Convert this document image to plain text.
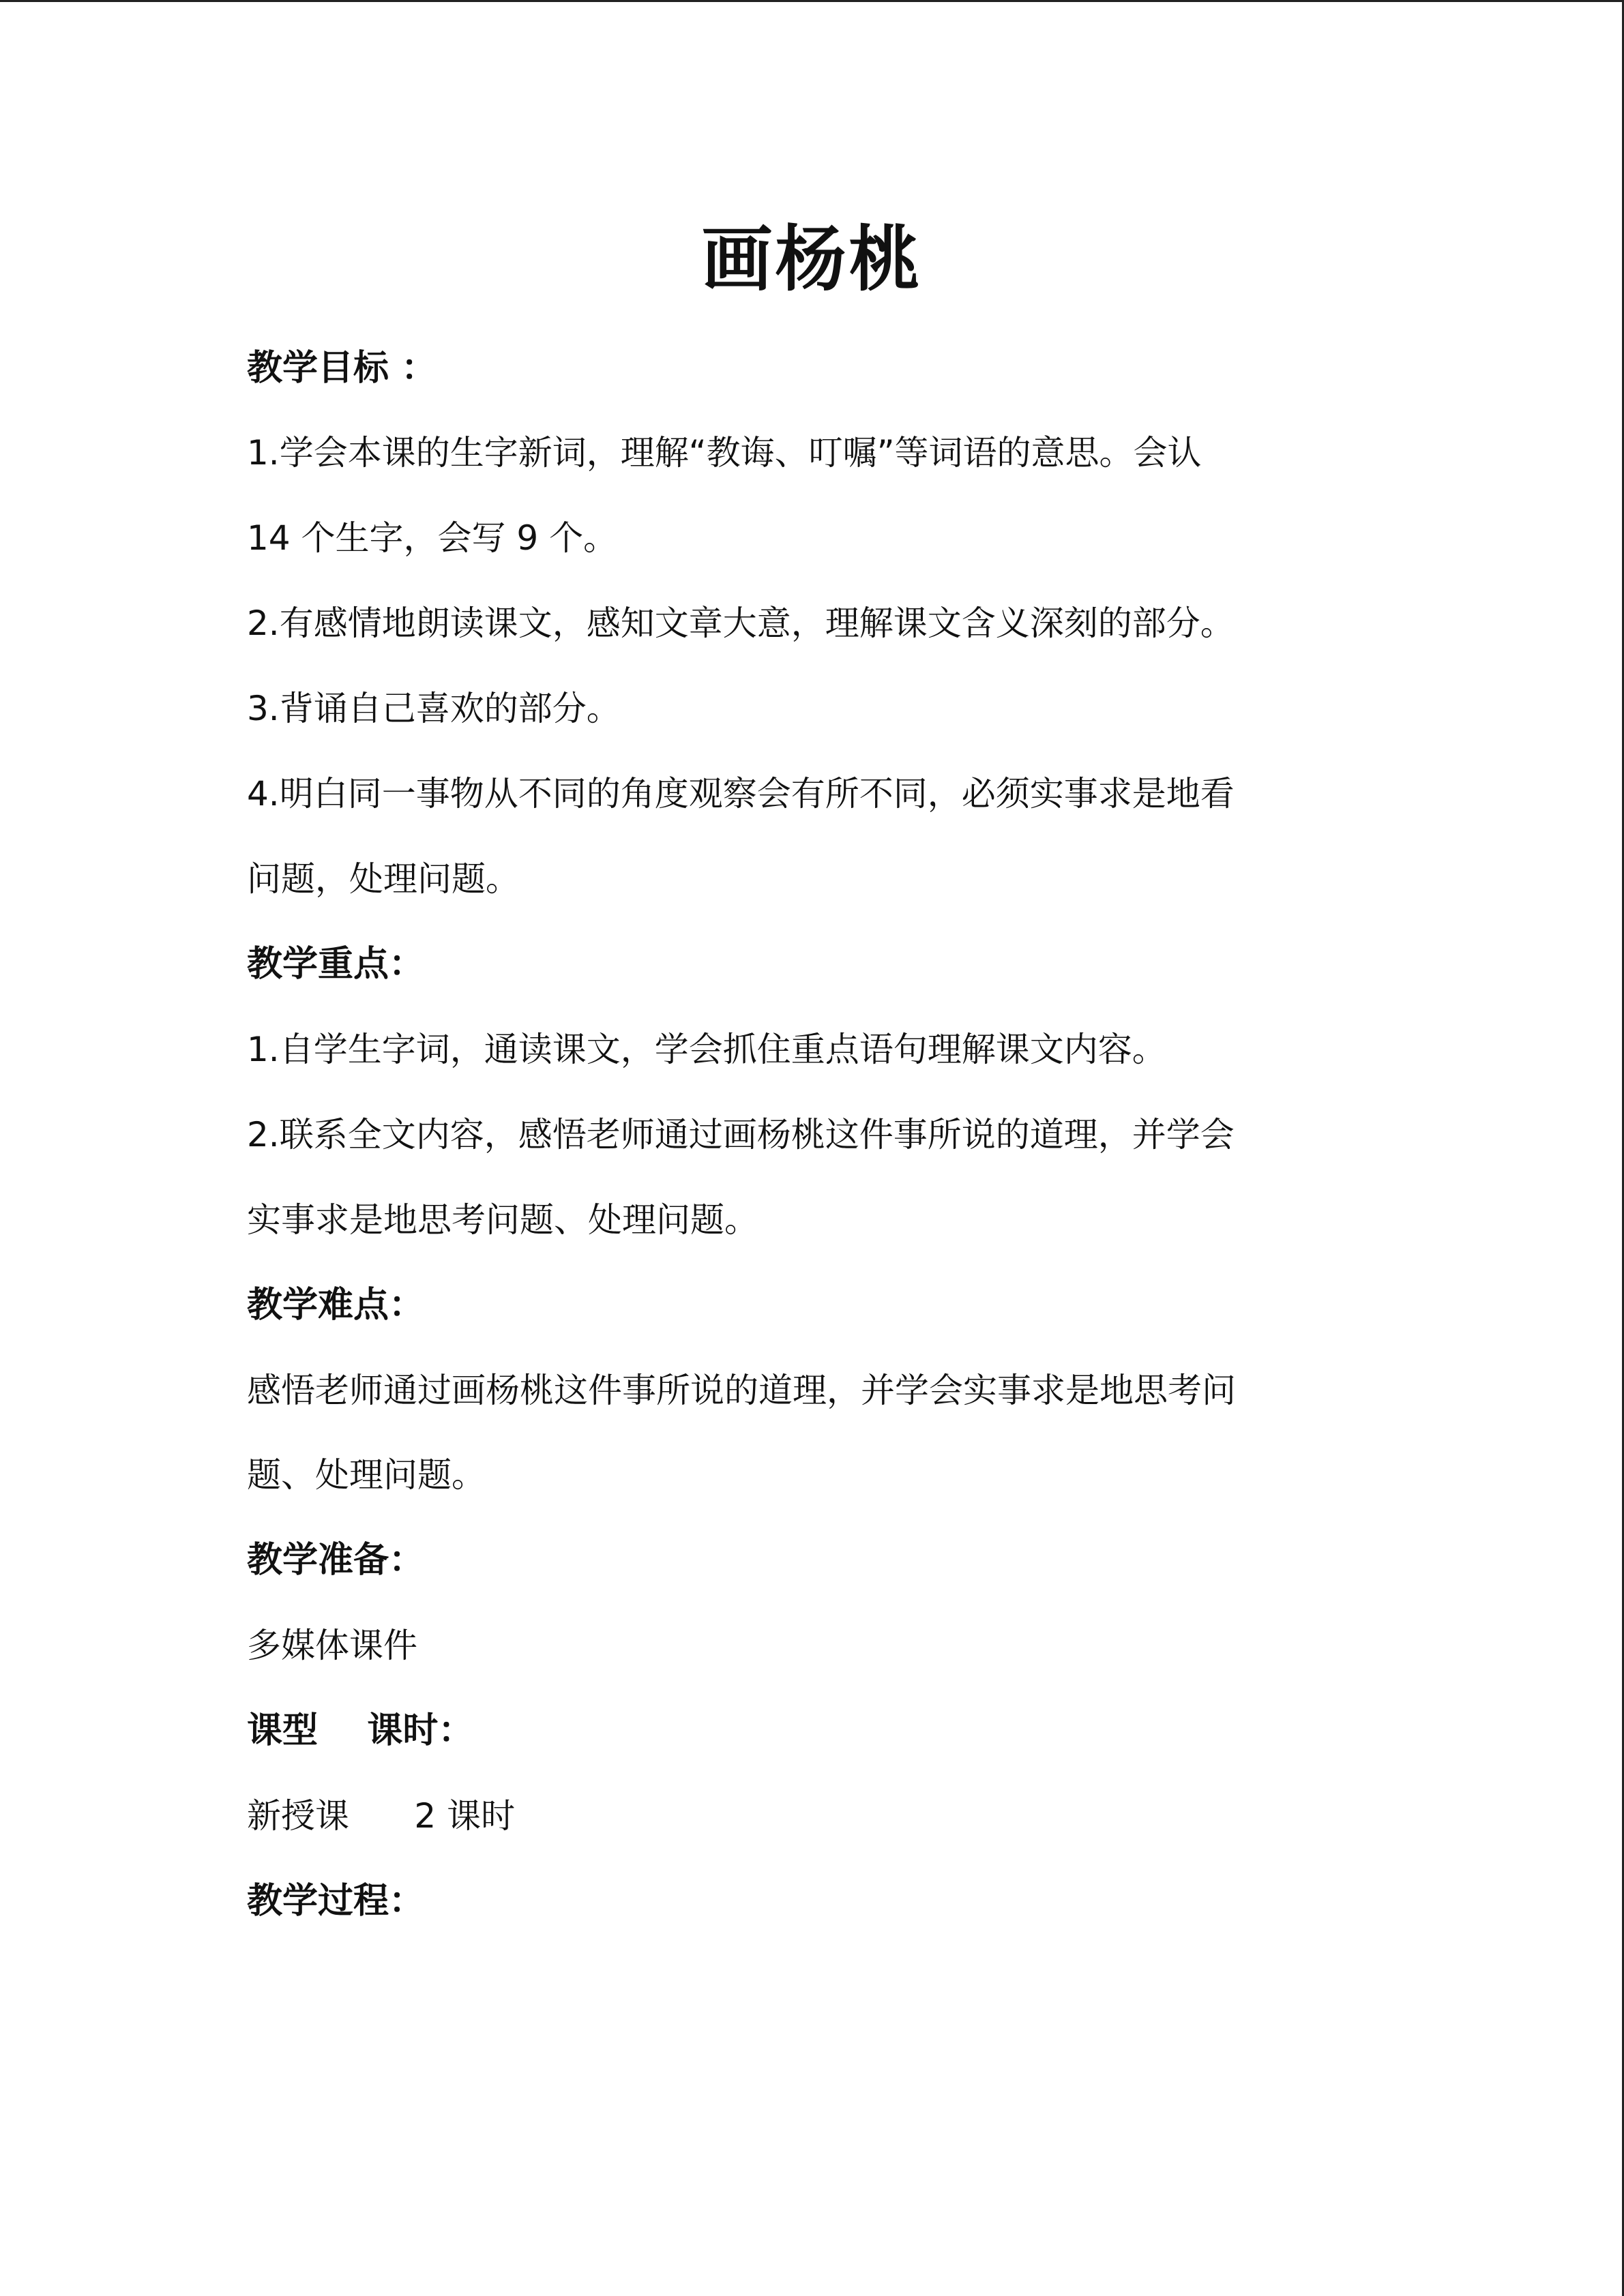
画杨桃

教学目标 ：

1.学会本课的生字新词，理解“教诲、叮嘱”等词语的意思。会认

14 个生字，会写 9 个。

2.有感情地朗读课文，感知文章大意，理解课文含义深刻的部分。

3.背诵自己喜欢的部分。

4.明白同一事物从不同的角度观察会有所不同，必须实事求是地看

问题，处理问题。

教学重点：

1.自学生字词，通读课文，学会抓住重点语句理解课文内容。

2.联系全文内容，感悟老师通过画杨桃这件事所说的道理，并学会

实事求是地思考问题、处理问题。

教学难点：

感悟老师通过画杨桃这件事所说的道理，并学会实事求是地思考问

题、处理问题。

教学准备：

多媒体课件

课型    课时：

新授课      2 课时

教学过程：
